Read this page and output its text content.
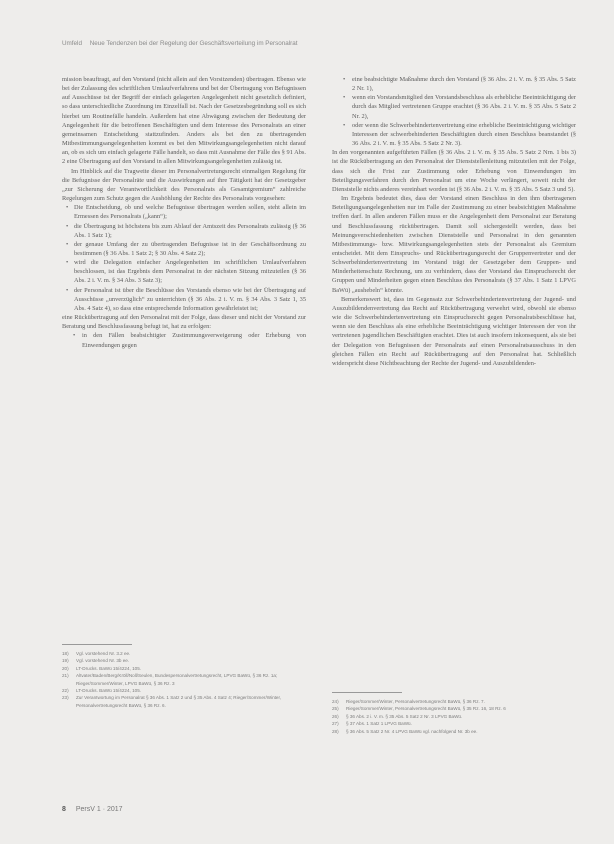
Umfeld Neue Tendenzen bei der Regelung der Geschäftsverteilung im Personalrat

mission beauftragt, auf den Vorstand (nicht allein auf den Vorsitzenden) übertragen. Ebenso wie bei der Zulassung des schriftlichen Umlaufverfahrens und bei der Übertragung von Befugnissen auf Ausschüsse ist der Begriff der einfach gelagerten Angelegenheit nicht gesetzlich definiert, so dass unterschiedliche Zuordnung im Einzelfall ist. Nach der Gesetzesbegründung soll es sich hierbei um Routinefälle handeln. Außerdem hat eine Abwägung zwischen der Bedeutung der Angelegenheit für die betroffenen Beschäftigten und dem Interesse des Personalrats an einer gemeinsamen Entscheidung stattzufinden. Anders als bei den zu übertragenden Mitbestimmungsangelegenheiten kommt es bei den Mitwirkungsangelegenheiten nicht darauf an, ob es sich um einfach gelagerte Fälle handelt, so dass mit Ausnahme der Fälle des § 91 Abs. 2 eine Übertragung auf den Vorstand in allen Mitwirkungsangelegenheiten zulässig ist.

Im Hinblick auf die Tragweite dieser im Personalvertretungsrecht einmaligen Regelung für die Befugnisse der Personalräte und die Auswirkungen auf ihre Tätigkeit hat der Gesetzgeber „zur Sicherung der Verantwortlichkeit des Personalrats als Gesamtgremium“ zahlreiche Regelungen zum Schutz gegen die Aushöhlung der Rechte des Personalrats vorgesehen:

• Die Entscheidung, ob und welche Befugnisse übertragen werden sollen, steht allein im Ermessen des Personalrats („kann“);
• die Übertragung ist höchstens bis zum Ablauf der Amtszeit des Personalrats zulässig (§ 36 Abs. 1 Satz 1);
• der genaue Umfang der zu übertragenden Befugnisse ist in der Geschäftsordnung zu bestimmen (§ 36 Abs. 1 Satz 2; § 30 Abs. 4 Satz 2);
• wird die Delegation einfacher Angelegenheiten im schriftlichen Umlaufverfahren beschlossen, ist das Ergebnis dem Personalrat in der nächsten Sitzung mitzuteilen (§ 36 Abs. 2 i. V. m. § 34 Abs. 3 Satz 3);
• der Personalrat ist über die Beschlüsse des Vorstands ebenso wie bei der Übertragung auf Ausschüsse „unverzüglich“ zu unterrichten (§ 36 Abs. 2 i. V. m. § 34 Abs. 3 Satz 1, 35 Abs. 4 Satz 4), so dass eine entsprechende Information gewährleistet ist;

eine Rückübertragung auf den Personalrat mit der Folge, dass dieser und nicht der Vorstand zur Beratung und Beschlussfassung befugt ist, hat zu erfolgen:

• in den Fällen beabsichtigter Zustimmungsverweigerung oder Erhebung von Einwendungen gegen
• eine beabsichtigte Maßnahme durch den Vorstand (§ 36 Abs. 2 i. V. m. § 35 Abs. 5 Satz 2 Nr. 1),
• wenn ein Vorstandsmitglied den Vorstandsbeschluss als erhebliche Beeinträchtigung der durch das Mitglied vertretenen Gruppe erachtet (§ 36 Abs. 2 i. V. m. § 35 Abs. 5 Satz 2 Nr. 2),
• oder wenn die Schwerbehindertenvertretung eine erhebliche Beeinträchtigung wichtiger Interessen der schwerbehinderten Beschäftigten durch einen Beschluss beanstandet (§ 36 Abs. 2 i. V. m. § 35 Abs. 5 Satz 2 Nr. 3).

In den vorgenannten aufgeführten Fällen (§ 36 Abs. 2 i. V. m. § 35 Abs. 5 Satz 2 Nrn. 1 bis 3) ist die Rückübertragung an den Personalrat der Dienststellenleitung mitzuteilen mit der Folge, dass sich die Frist zur Zustimmung oder Erhebung von Einwendungen im Beteiligungsverfahren durch den Personalrat um eine Woche verlängert, soweit nicht der Dienststelle nichts anderes vereinbart worden ist (§ 36 Abs. 2 i. V. m. § 35 Abs. 5 Satz 3 und 5).

Im Ergebnis bedeutet dies, dass der Vorstand einen Beschluss in den ihm übertragenen Beteiligungsangelegenheiten nur im Falle der Zustimmung zu einer beabsichtigten Maßnahme treffen darf. In allen anderen Fällen muss er die Angelegenheit dem Personalrat zur Beratung und Beschlussfassung rückübertragen. Damit soll sichergestellt werden, dass bei Meinungsverschiedenheiten zwischen Dienststelle und Personalrat in den genannten Mitbestimmungs- bzw. Mitwirkungsangelegenheiten stets der Personalrat als Gremium entscheidet. Mit dem Einspruchs- und Rückübertragungsrecht der Gruppenvertreter und der Schwerbehindertenvertretung im Vorstand trägt der Gesetzgeber dem Gruppen- und Minderheitenschutz Rechnung, um zu verhindern, dass der Vorstand das Einspruchsrecht der Gruppen und Minderheiten gegen einen Beschluss des Personalrats (§ 37 Abs. 1 Satz 1 LPVG BaWü) „aushebeln“ könnte.

Bemerkenswert ist, dass im Gegensatz zur Schwerbehindertenvertretung der Jugend- und Auszubildendenvertretung das Recht auf Rückübertragung verwehrt wird, obwohl sie ebenso wie die Schwerbehindertenvertretung ein Einspruchsrecht gegen Personalratsbeschlüsse hat, wenn sie den Beschluss als eine erhebliche Beeinträchtigung wichtiger Interessen der von ihr vertretenen jugendlichen Beschäftigten erachtet. Dies ist auch insofern inkonsequent, als sie bei der Delegation von Befugnissen der Personalrats auf einen Personalratsausschuss in den gleichen Fällen ein Recht auf Rückübertragung auf den Personalrat hat. Schließlich widerspricht diese Nichtbeachtung der Rechte der Jugend- und Auszubildenden-

18)	Vgl. vorstehend Nr. 3.2 ee.
19)	Vgl. vorstehend Nr. 3b ee.
20)	LT-Drucks. BaWü 15/4224, 105.
21)	Altvater/Baden/Berg/Kröll/Noll/Seulen, Bundespersonalvertretungsrecht, LPVG BaWü, § 36 Rz. 1a; Rieger/Sommer/Winter, LPVG BaWü, § 36 Rz. 3
22)	LT-Drucks. BaWü 15/4224, 105.
23)	Zur Verantwortung im Personalrat § 36 Abs. 1 Satz 2 und § 35 Abs. 4 Satz 4; Rieger/Sommer/Winter, Personalvertretungsrecht BaWü, § 36 Rz. 6.
24)	Rieger/Sommer/Winter, Personalvertretungsrecht BaWü, § 36 Rz. 7.
25)	Rieger/Sommer/Winter, Personalvertretungsrecht BaWü, § 35 Rz. 16, 18 Rz. 6
26)	§ 36 Abs. 2 i. V. m. § 35 Abs. 5 Satz 2 Nr. 3 LPVG BaWü.
27)	§ 37 Abs. 1 Satz 1 LPVG BaWü.
28)	§ 36 Abs. 5 Satz 2 Nr. 4 LPVG BaWü vgl. nachfolgend Nr. 3b ee.
8 PersV 1 · 2017
